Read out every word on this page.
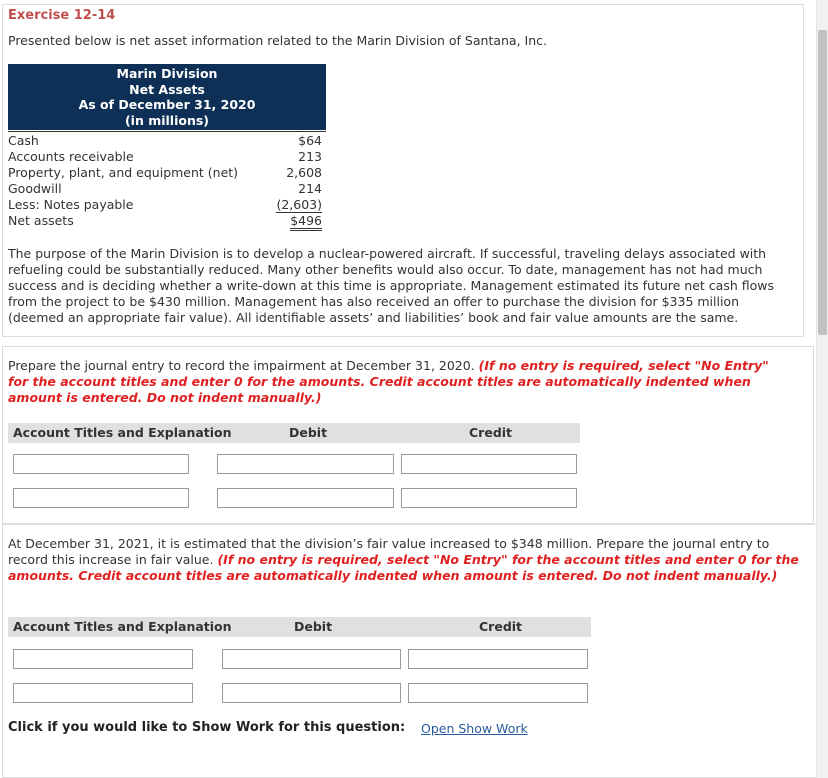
Exercise 12-14
Presented below is net asset information related to the Marin Division of Santana, Inc.
Marin Division
Net Assets
As of December 31, 2020
(in millions)
Cash	$64
Accounts receivable	213
Property, plant, and equipment (net)	2,608
Goodwill	214
Less: Notes payable	(2,603)
Net assets	$496
The purpose of the Marin Division is to develop a nuclear-powered aircraft. If successful, traveling delays associated with refueling could be substantially reduced. Many other benefits would also occur. To date, management has not had much success and is deciding whether a write-down at this time is appropriate. Management estimated its future net cash flows from the project to be $430 million. Management has also received an offer to purchase the division for $335 million (deemed an appropriate fair value). All identifiable assets’ and liabilities’ book and fair value amounts are the same.
Prepare the journal entry to record the impairment at December 31, 2020. (If no entry is required, select "No Entry" for the account titles and enter 0 for the amounts. Credit account titles are automatically indented when amount is entered. Do not indent manually.)
Account Titles and Explanation	Debit	Credit
At December 31, 2021, it is estimated that the division’s fair value increased to $348 million. Prepare the journal entry to record this increase in fair value. (If no entry is required, select "No Entry" for the account titles and enter 0 for the amounts. Credit account titles are automatically indented when amount is entered. Do not indent manually.)
Account Titles and Explanation	Debit	Credit
Click if you would like to Show Work for this question: Open Show Work
